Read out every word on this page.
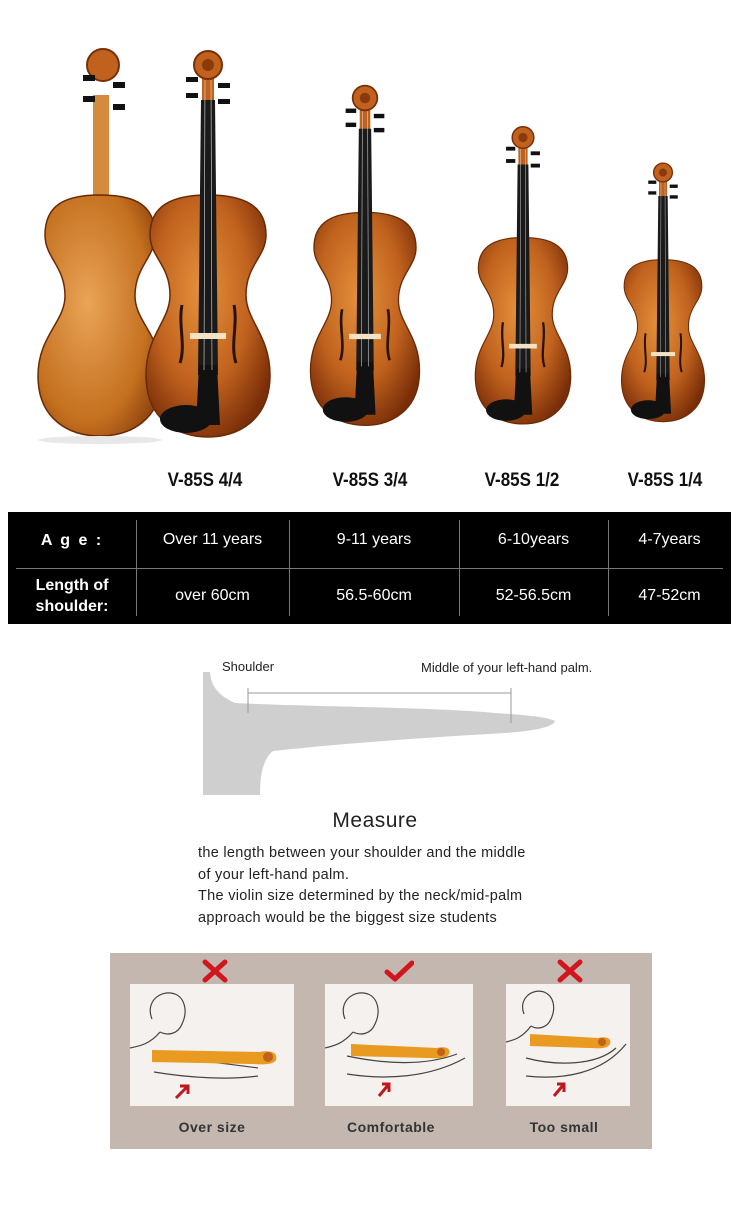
V-85S 4/4	V-85S 3/4	V-85S 1/2	V-85S 1/4
A g e :	Over 11 years	9-11 years	6-10years	4-7years
Length of
shoulder:
over 60cm	56.5-60cm	52-56.5cm	47-52cm
Shoulder	Middle of your left-hand palm.
Measure
the length between your shoulder and the middle
of your left-hand palm.
The violin size determined by the neck/mid-palm
approach would be the biggest size students
Over size	Comfortable	Too small
